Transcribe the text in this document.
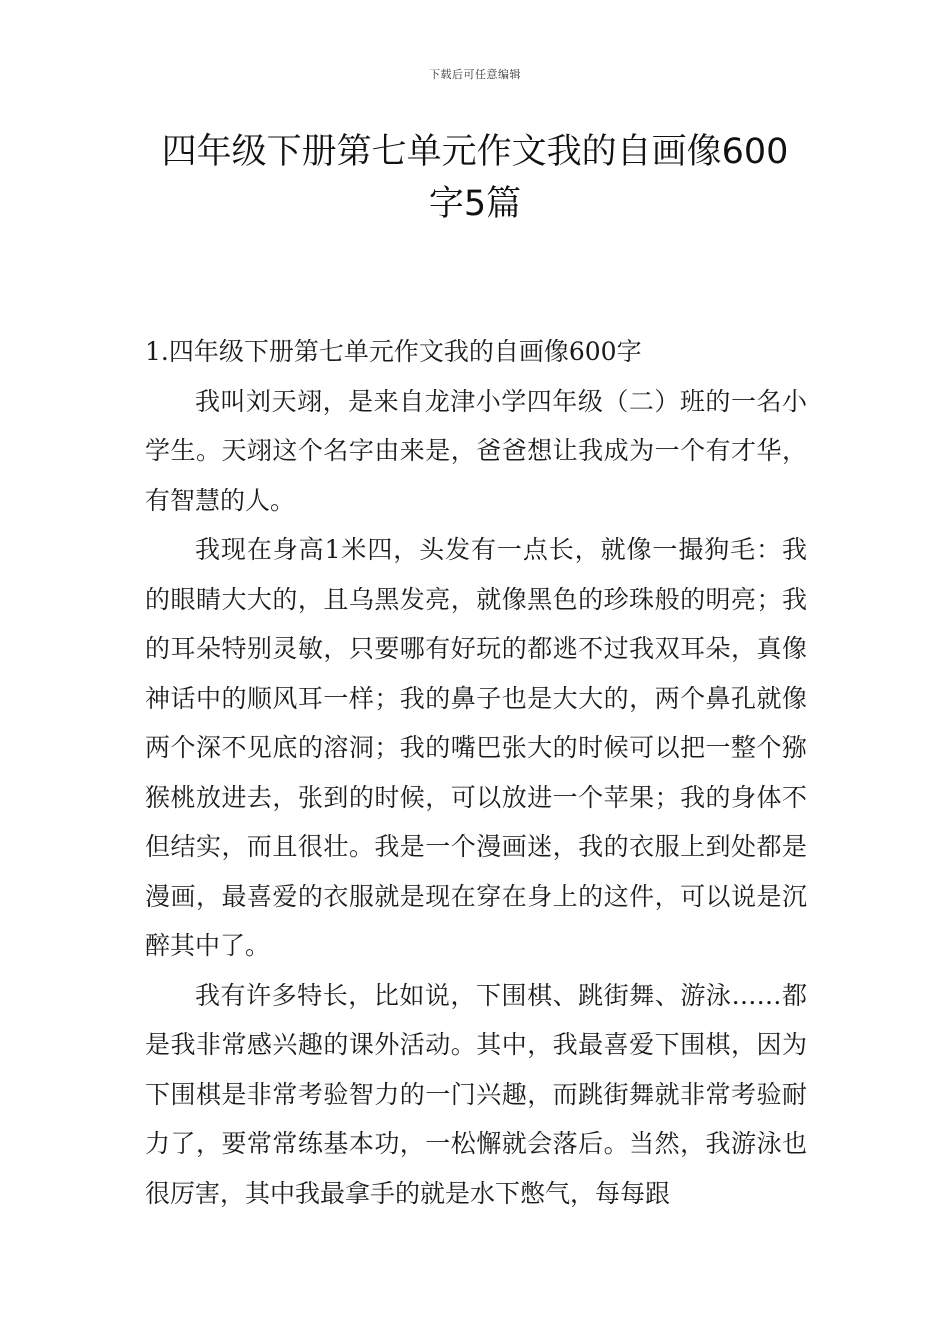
下载后可任意编辑
四年级下册第七单元作文我的自画像600字5篇
1.四年级下册第七单元作文我的自画像600字

我叫刘天翊，是来自龙津小学四年级（二）班的一名小学生。天翊这个名字由来是，爸爸想让我成为一个有才华，有智慧的人。

我现在身高1米四，头发有一点长，就像一撮狗毛：我的眼睛大大的，且乌黑发亮，就像黑色的珍珠般的明亮；我的耳朵特别灵敏，只要哪有好玩的都逃不过我双耳朵，真像神话中的顺风耳一样；我的鼻子也是大大的，两个鼻孔就像两个深不见底的溶洞；我的嘴巴张大的时候可以把一整个猕猴桃放进去，张到的时候，可以放进一个苹果；我的身体不但结实，而且很壮。我是一个漫画迷，我的衣服上到处都是漫画，最喜爱的衣服就是现在穿在身上的这件，可以说是沉醉其中了。

我有许多特长，比如说，下围棋、跳街舞、游泳……都是我非常感兴趣的课外活动。其中，我最喜爱下围棋，因为下围棋是非常考验智力的一门兴趣，而跳街舞就非常考验耐力了，要常常练基本功，一松懈就会落后。当然，我游泳也很厉害，其中我最拿手的就是水下憋气，每每跟
